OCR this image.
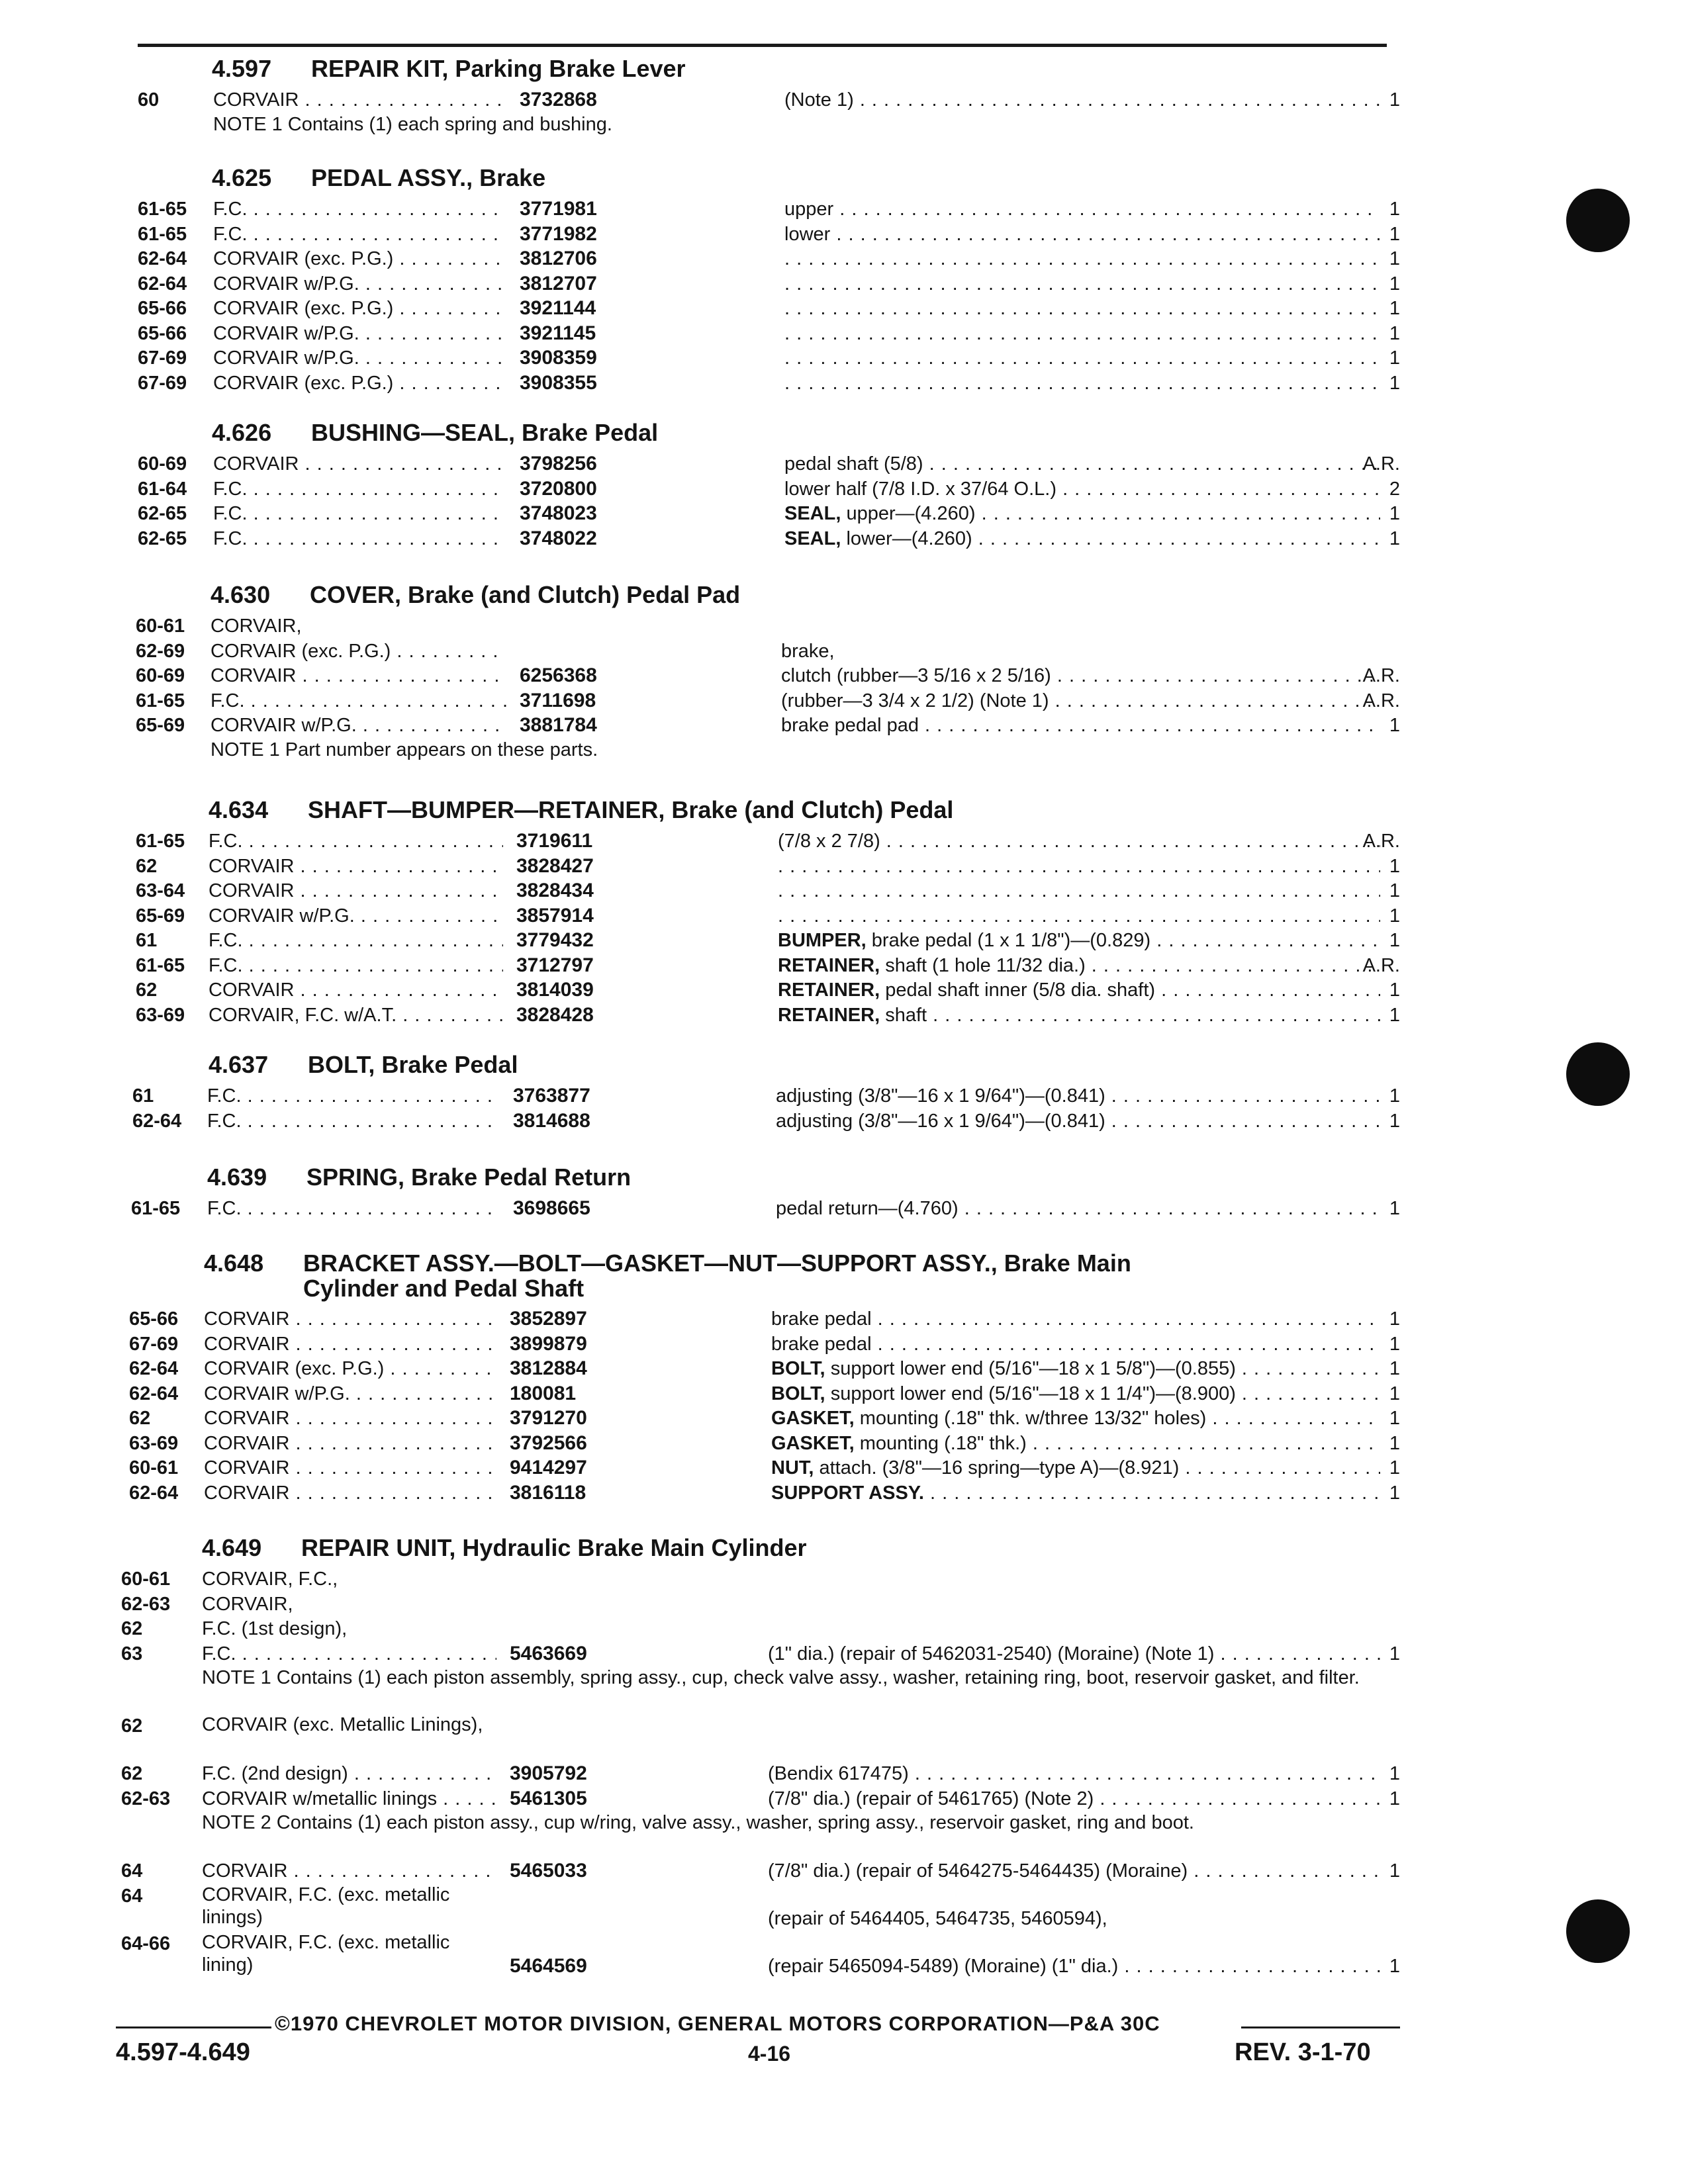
4.597 REPAIR KIT, Parking Brake Lever
60	CORVAIR . . .	3732868	(Note 1) . . .	1
NOTE 1 Contains (1) each spring and bushing.
4.625 PEDAL ASSY., Brake
61-65 F.C. . . .	3771981	upper . . .	1
61-65 F.C. . . .	3771982	lower . . .	1
62-64 CORVAIR (exc. P.G.) . . .	3812706 . . .	1
62-64 CORVAIR w/P.G. . . .	3812707 . . .	1
65-66 CORVAIR (exc. P.G.) . . .	3921144 . . .	1
65-66 CORVAIR w/P.G. . . .	3921145 . . .	1
67-69 CORVAIR w/P.G. . . .	3908359 . . .	1
67-69 CORVAIR (exc. P.G.) . . .	3908355 . . .	1
4.626 BUSHING—SEAL, Brake Pedal
60-69 CORVAIR . . .	3798256	pedal shaft (5/8) . . .	A.R.
61-64 F.C. . . .	3720800	lower half (7/8 I.D. x 37/64 O.L.) . . .	2
62-65 F.C. . . .	3748023	SEAL, upper—(4.260) . . .	1
62-65 F.C. . . .	3748022	SEAL, lower—(4.260) . . .	1
4.630 COVER, Brake (and Clutch) Pedal Pad
60-61 CORVAIR,
62-69 CORVAIR (exc. P.G.) . . .	brake,
60-69 CORVAIR . . .	6256368	clutch (rubber—3 5/16 x 2 5/16) . . .	A.R.
61-65 F.C. . . .	3711698	(rubber—3 3/4 x 2 1/2) (Note 1) . . .	A.R.
65-69 CORVAIR w/P.G. . . .	3881784	brake pedal pad . . .	1
NOTE 1 Part number appears on these parts.
4.634 SHAFT—BUMPER—RETAINER, Brake (and Clutch) Pedal
61-65 F.C. . . .	3719611	(7/8 x 2 7/8) . . .	A.R.
62	CORVAIR . . .	3828427 . . .	1
63-64 CORVAIR . . .	3828434 . . .	1
65-69 CORVAIR w/P.G. . . .	3857914 . . .	1
61	F.C. . . .	3779432	BUMPER, brake pedal (1 x 1 1/8")—(0.829) . . .	1
61-65 F.C. . . .	3712797	RETAINER, shaft (1 hole 11/32 dia.) . . .	A.R.
62	CORVAIR . . .	3814039	RETAINER, pedal shaft inner (5/8 dia. shaft) . . .	1
63-69 CORVAIR, F.C. w/A.T. . . .	3828428	RETAINER, shaft . . .	1
4.637 BOLT, Brake Pedal
61	F.C. . . .	3763877	adjusting (3/8"—16 x 1 9/64")—(0.841) . . .	1
62-64 F.C. . . .	3814688	adjusting (3/8"—16 x 1 9/64")—(0.841) . . .	1
4.639 SPRING, Brake Pedal Return
61-65 F.C. . . .	3698665	pedal return—(4.760) . . .	1
4.648 BRACKET ASSY.—BOLT—GASKET—NUT—SUPPORT ASSY., Brake Main
Cylinder and Pedal Shaft
65-66 CORVAIR . . .	3852897	brake pedal . . .	1
67-69 CORVAIR . . .	3899879	brake pedal . . .	1
62-64 CORVAIR (exc. P.G.) . . .	3812884	BOLT, support lower end (5/16"—18 x 1 5/8")—(0.855) . . .	1
62-64 CORVAIR w/P.G. . . .	180081	BOLT, support lower end (5/16"—18 x 1 1/4")—(8.900) . . .	1
62	CORVAIR . . .	3791270	GASKET, mounting (.18" thk. w/three 13/32" holes) . . .	1
63-69 CORVAIR . . .	3792566	GASKET, mounting (.18" thk.) . . .	1
60-61 CORVAIR . . .	9414297	NUT, attach. (3/8"—16 spring—type A)—(8.921) . . .	1
62-64 CORVAIR . . .	3816118	SUPPORT ASSY. . . .	1
4.649 REPAIR UNIT, Hydraulic Brake Main Cylinder
60-61 CORVAIR, F.C.,
62-63 CORVAIR,
62	F.C. (1st design),
63	F.C. . . .	5463669	(1" dia.) (repair of 5462031-2540) (Moraine) (Note 1) . . .	1
NOTE 1 Contains (1) each piston assembly, spring assy., cup, check valve assy., washer, retaining ring, boot, reservoir gasket, and filter.
62	CORVAIR (exc. Metallic Linings),
62	F.C. (2nd design) . . .	3905792	(Bendix 617475) . . .	1
62-63 CORVAIR w/metallic linings . . .	5461305	(7/8" dia.) (repair of 5461765) (Note 2) . . .	1
NOTE 2 Contains (1) each piston assy., cup w/ring, valve assy., washer, spring assy., reservoir gasket, ring and boot.
64	CORVAIR . . .	5465033	(7/8" dia.) (repair of 5464275-5464435) (Moraine) . . .	1
64	CORVAIR, F.C. (exc. metallic linings)	(repair of 5464405, 5464735, 5460594),
64-66 CORVAIR, F.C. (exc. metallic lining)	5464569	(repair 5465094-5489) (Moraine) (1" dia.) . . .	1
©1970 CHEVROLET MOTOR DIVISION, GENERAL MOTORS CORPORATION—P&A 30C
4.597-4.649	4-16	REV. 3-1-70
